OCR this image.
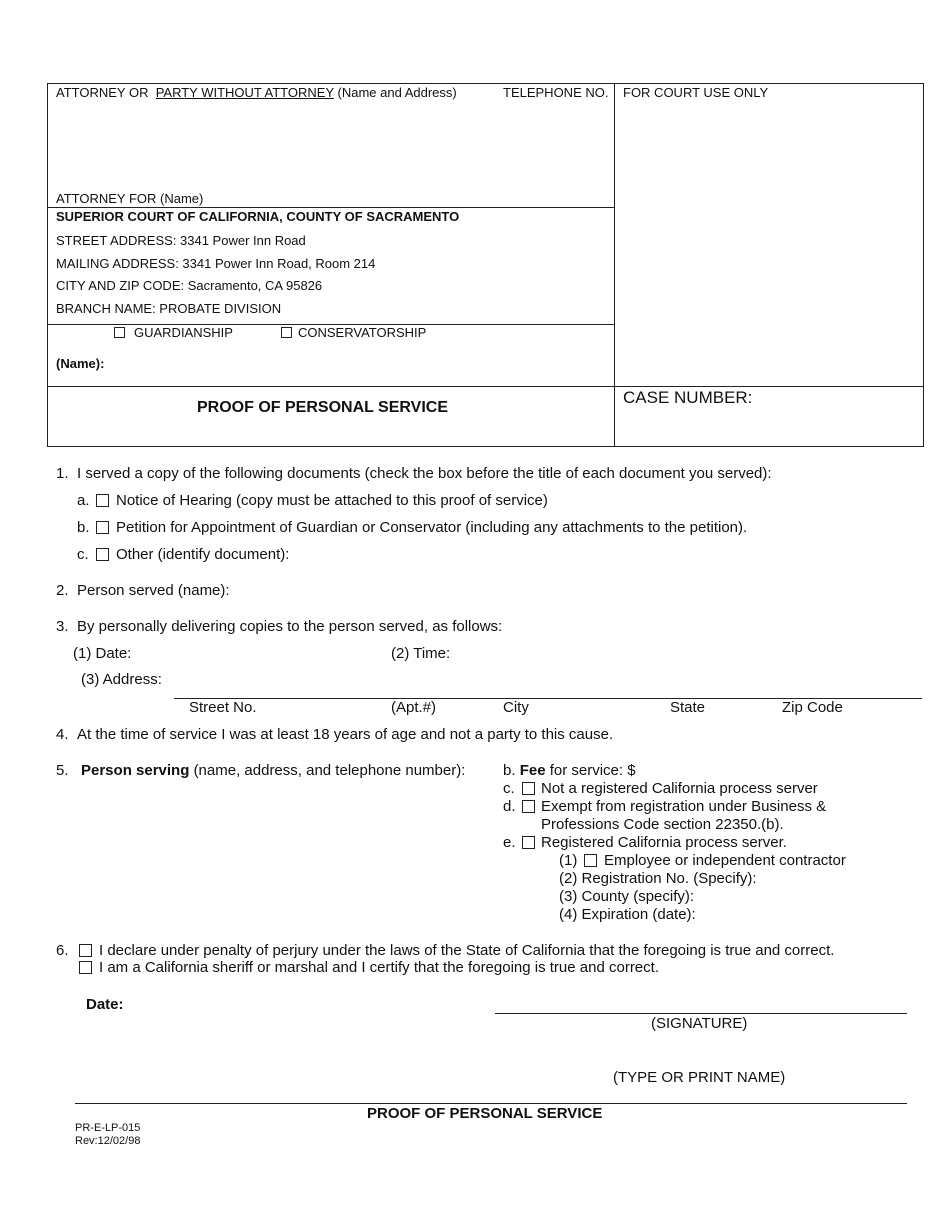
ATTORNEY OR PARTY WITHOUT ATTORNEY (Name and Address)	TELEPHONE NO. FOR COURT USE ONLY
ATTORNEY FOR (Name)
SUPERIOR COURT OF CALIFORNIA, COUNTY OF SACRAMENTO
STREET ADDRESS: 3341 Power Inn Road
MAILING ADDRESS: 3341 Power Inn Road, Room 214
CITY AND ZIP CODE: Sacramento, CA 95826
BRANCH NAME: PROBATE DIVISION
GUARDIANSHIP	CONSERVATORSHIP
(Name):
PROOF OF PERSONAL SERVICE
CASE NUMBER:
1. I served a copy of the following documents (check the box before the title of each document you served):
a. Notice of Hearing (copy must be attached to this proof of service)
b. Petition for Appointment of Guardian or Conservator (including any attachments to the petition).
c. Other (identify document):
2. Person served (name):
3. By personally delivering copies to the person served, as follows:
(1) Date:	(2) Time:
(3) Address:
Street No.	(Apt.#)	City	State	Zip Code
4. At the time of service I was at least 18 years of age and not a party to this cause.
5. Person serving (name, address, and telephone number):	b. Fee for service: $
c. Not a registered California process server
d. Exempt from registration under Business &
Professions Code section 22350.(b).
e. Registered California process server.
(1) Employee or independent contractor
(2) Registration No. (Specify):
(3) County (specify):
(4) Expiration (date):
6. I declare under penalty of perjury under the laws of the State of California that the foregoing is true and correct.
I am a California sheriff or marshal and I certify that the foregoing is true and correct.
Date:
(SIGNATURE)
(TYPE OR PRINT NAME)
PROOF OF PERSONAL SERVICE
PR-E-LP-015
Rev:12/02/98
